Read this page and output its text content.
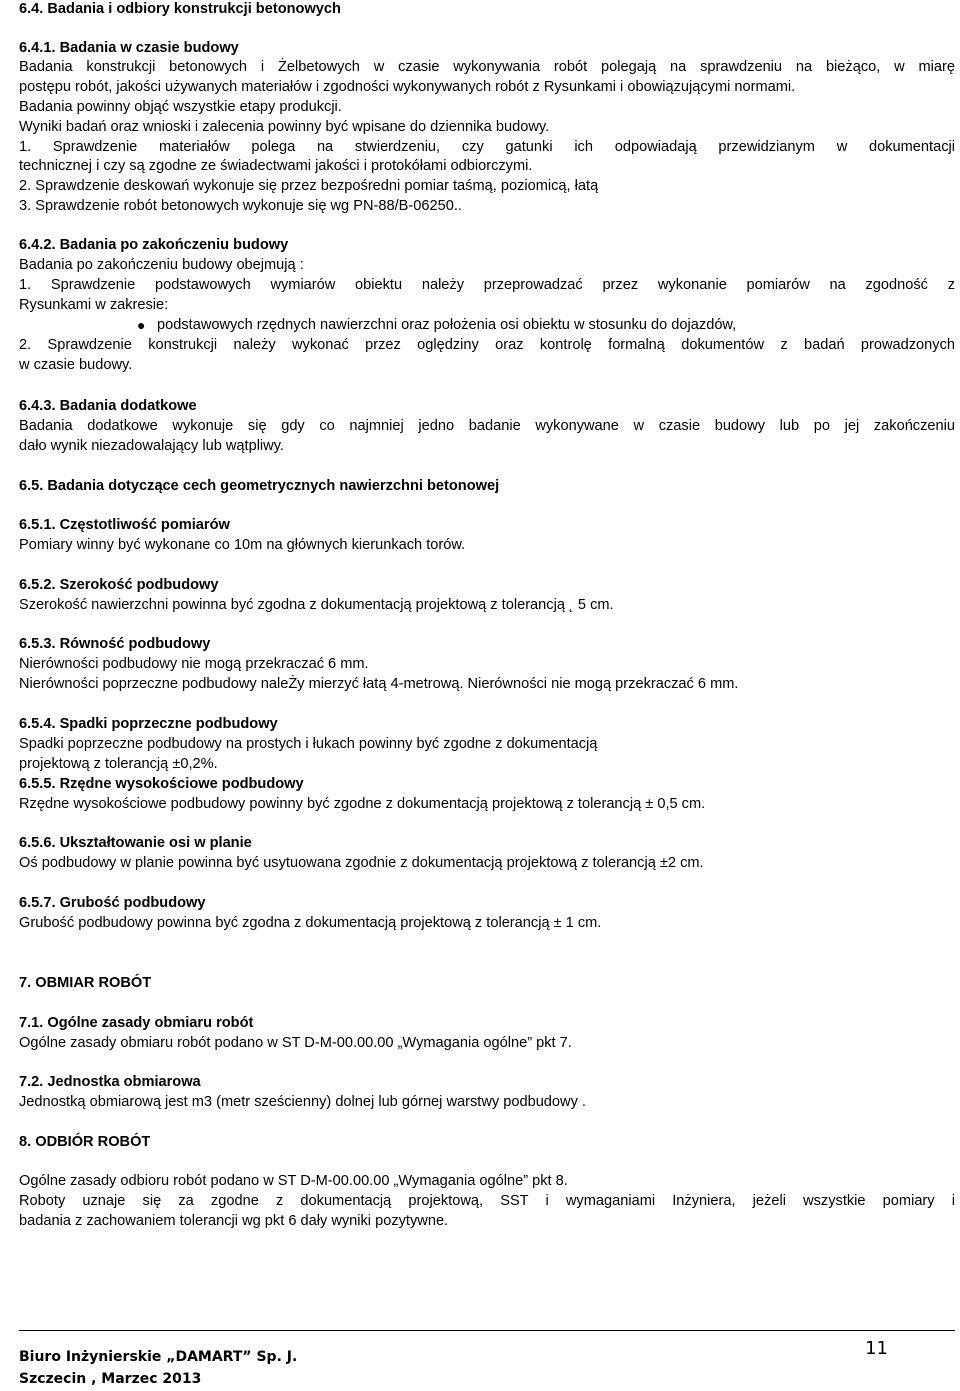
6.4. Badania i odbiory konstrukcji betonowych
6.4.1. Badania w czasie budowy
Badania konstrukcji betonowych i Żelbetowych w czasie wykonywania robót polegają na sprawdzeniu na bieżąco, w miarę
postępu robót, jakości używanych materiałów i zgodności wykonywanych robót z Rysunkami i obowiązującymi normami.
Badania powinny objąć wszystkie etapy produkcji.
Wyniki badań oraz wnioski i zalecenia powinny być wpisane do dziennika budowy.
1. Sprawdzenie materiałów polega na stwierdzeniu, czy gatunki ich odpowiadają przewidzianym w dokumentacji
technicznej i czy są zgodne ze świadectwami jakości i protokółami odbiorczymi.
2. Sprawdzenie deskowań wykonuje się przez bezpośredni pomiar taśmą, poziomicą, łatą
3. Sprawdzenie robót betonowych wykonuje się wg PN-88/B-06250..
6.4.2. Badania po zakończeniu budowy
Badania po zakończeniu budowy obejmują :
1. Sprawdzenie podstawowych wymiarów obiektu należy przeprowadzać przez wykonanie pomiarów na zgodność z
Rysunkami w zakresie:
● podstawowych rzędnych nawierzchni oraz położenia osi obiektu w stosunku do dojazdów,
2. Sprawdzenie konstrukcji należy wykonać przez oględziny oraz kontrolę formalną dokumentów z badań prowadzonych
w czasie budowy.
6.4.3. Badania dodatkowe
Badania dodatkowe wykonuje się gdy co najmniej jedno badanie wykonywane w czasie budowy lub po jej zakończeniu
dało wynik niezadowalający lub wątpliwy.
6.5. Badania dotyczące cech geometrycznych nawierzchni betonowej
6.5.1. Częstotliwość pomiarów
Pomiary winny być wykonane co 10m na głównych kierunkach torów.
6.5.2. Szerokość podbudowy
Szerokość nawierzchni powinna być zgodna z dokumentacją projektową z tolerancją ˛ 5 cm.
6.5.3. Równość podbudowy
Nierówności podbudowy nie mogą przekraczać 6 mm.
Nierówności poprzeczne podbudowy naleŻy mierzyć łatą 4-metrową. Nierówności nie mogą przekraczać 6 mm.
6.5.4. Spadki poprzeczne podbudowy
Spadki poprzeczne podbudowy na prostych i łukach powinny być zgodne z dokumentacją
projektową z tolerancją ±0,2%.
6.5.5. Rzędne wysokościowe podbudowy
Rzędne wysokościowe podbudowy powinny być zgodne z dokumentacją projektową z tolerancją ± 0,5 cm.
6.5.6. Ukształtowanie osi w planie
Oś podbudowy w planie powinna być usytuowana zgodnie z dokumentacją projektową z tolerancją ±2 cm.
6.5.7. Grubość podbudowy
Grubość podbudowy powinna być zgodna z dokumentacją projektową z tolerancją ± 1 cm.
7. OBMIAR ROBÓT
7.1. Ogólne zasady obmiaru robót
Ogólne zasady obmiaru robót podano w ST D-M-00.00.00 „Wymagania ogólne” pkt 7.
7.2. Jednostka obmiarowa
Jednostką obmiarową jest m3 (metr sześcienny) dolnej lub górnej warstwy podbudowy .
8. ODBIÓR ROBÓT
Ogólne zasady odbioru robót podano w ST D-M-00.00.00 „Wymagania ogólne” pkt 8.
Roboty uznaje się za zgodne z dokumentacją projektową, SST i wymaganiami Inżyniera, jeżeli wszystkie pomiary i
badania z zachowaniem tolerancji wg pkt 6 dały wyniki pozytywne.
11
Biuro Inżynierskie „DAMART” Sp. J.
Szczecin , Marzec 2013
